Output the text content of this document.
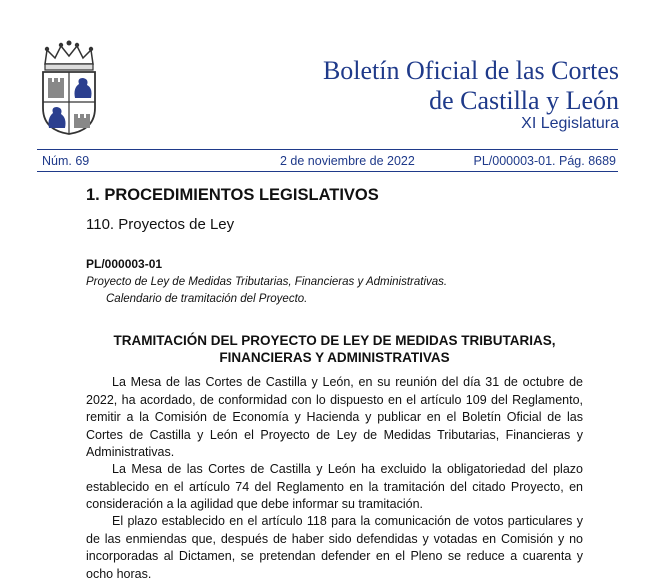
Boletín Oficial de las Cortes
de Castilla y León
XI Legislatura
Núm. 69	2 de noviembre de 2022	PL/000003-01. Pág. 8689
1. PROCEDIMIENTOS LEGISLATIVOS
110. Proyectos de Ley
PL/000003-01
Proyecto de Ley de Medidas Tributarias, Financieras y Administrativas.
Calendario de tramitación del Proyecto.
TRAMITACIÓN DEL PROYECTO DE LEY DE MEDIDAS TRIBUTARIAS,
FINANCIERAS Y ADMINISTRATIVAS

La Mesa de las Cortes de Castilla y León, en su reunión del día 31 de octubre de 2022, ha acordado, de conformidad con lo dispuesto en el artículo 109 del Reglamento, remitir a la Comisión de Economía y Hacienda y publicar en el Boletín Oficial de las Cortes de Castilla y León el Proyecto de Ley de Medidas Tributarias, Financieras y Administrativas.

La Mesa de las Cortes de Castilla y León ha excluido la obligatoriedad del plazo establecido en el artículo 74 del Reglamento en la tramitación del citado Proyecto, en consideración a la agilidad que debe informar su tramitación.

El plazo establecido en el artículo 118 para la comunicación de votos particulares y de las enmiendas que, después de haber sido defendidas y votadas en Comisión y no incorporadas al Dictamen, se pretendan defender en el Pleno se reduce a cuarenta y ocho horas.
